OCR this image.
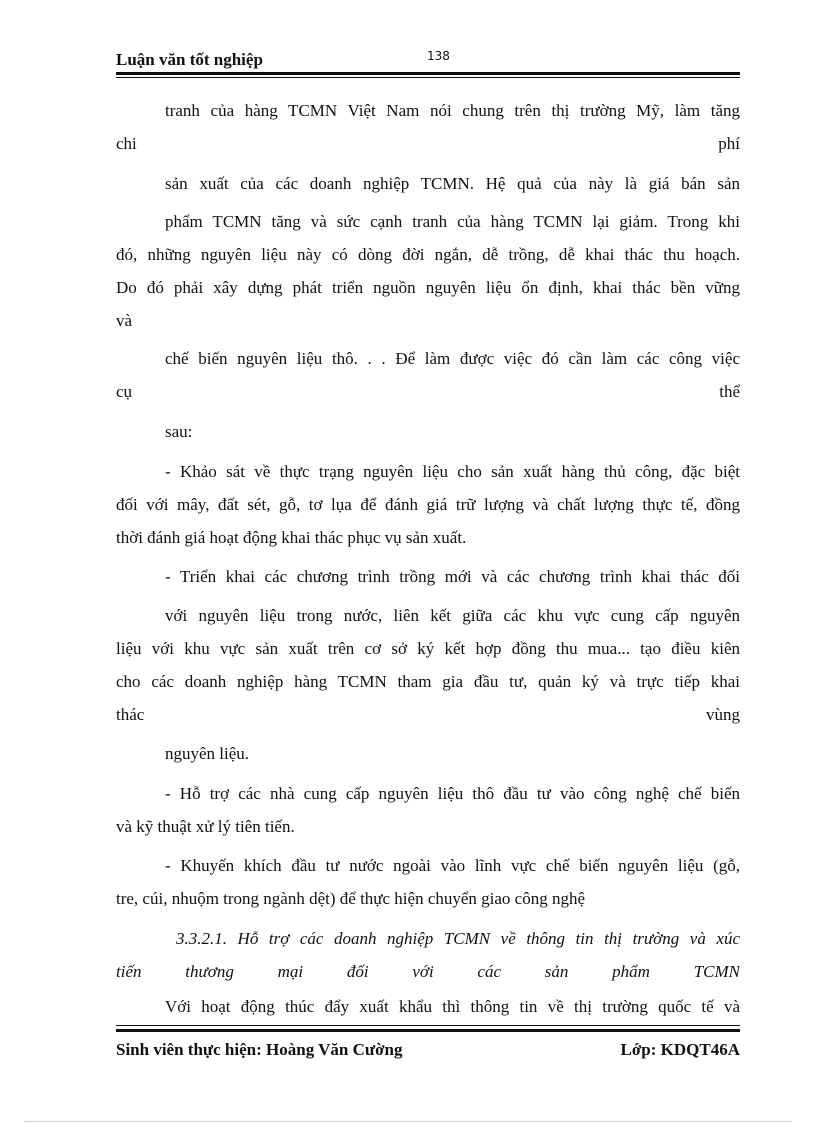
Luận văn tốt nghiệp	138
tranh của hàng TCMN Việt Nam nói chung trên thị trường Mỹ, làm tăng
chi	phí
sản xuất của các doanh nghiệp TCMN. Hệ quả của này là giá bán sản
phẩm TCMN tăng và sức cạnh tranh của hàng TCMN lại giảm. Trong khi
đó, những nguyên liệu này có dòng đời ngắn, dễ trồng, dễ khai thác thu hoạch.
Do đó phải xây dựng phát triển nguồn nguyên liệu ổn định, khai thác bền vững
và
chế biến nguyên liệu thô. . . Để làm được việc đó cần làm các công việc
cụ	thể
sau:
- Khảo sát về thực trạng nguyên liệu cho sản xuất hàng thủ công, đặc biệt
đối với mây, đất sét, gỗ, tơ lụa để đánh giá trữ lượng và chất lượng thực tế, đồng
thời đánh giá hoạt động khai thác phục vụ sản xuất.
- Triển khai các chương trình trồng mới và các chương trình khai thác đối
với nguyên liệu trong nước, liên kết giữa các khu vực cung cấp nguyên
liệu với khu vực sản xuất trên cơ sở ký kết hợp đồng thu mua... tạo điều kiên
cho các doanh nghiệp hàng TCMN tham gia đầu tư, quản ký và trực tiếp khai
thác	vùng
nguyên liệu.
- Hỗ trợ các nhà cung cấp nguyên liệu thô đầu tư vào công nghệ chế biến
và kỹ thuật xử lý tiên tiến.
- Khuyến khích đầu tư nước ngoài vào lĩnh vực chế biến nguyên liệu (gỗ,
tre, cúi, nhuộm trong ngành dệt) để thực hiện chuyển giao công nghệ
3.3.2.1. Hỗ trợ các doanh nghiệp TCMN về thông tin thị trường và xúc
tiến thương mại đối với các sản phẩm TCMN
Với hoạt động thúc đẩy xuất khẩu thì thông tin về thị trường quốc tế và
Sinh viên thực hiện: Hoàng Văn Cường	Lớp: KDQT46A
